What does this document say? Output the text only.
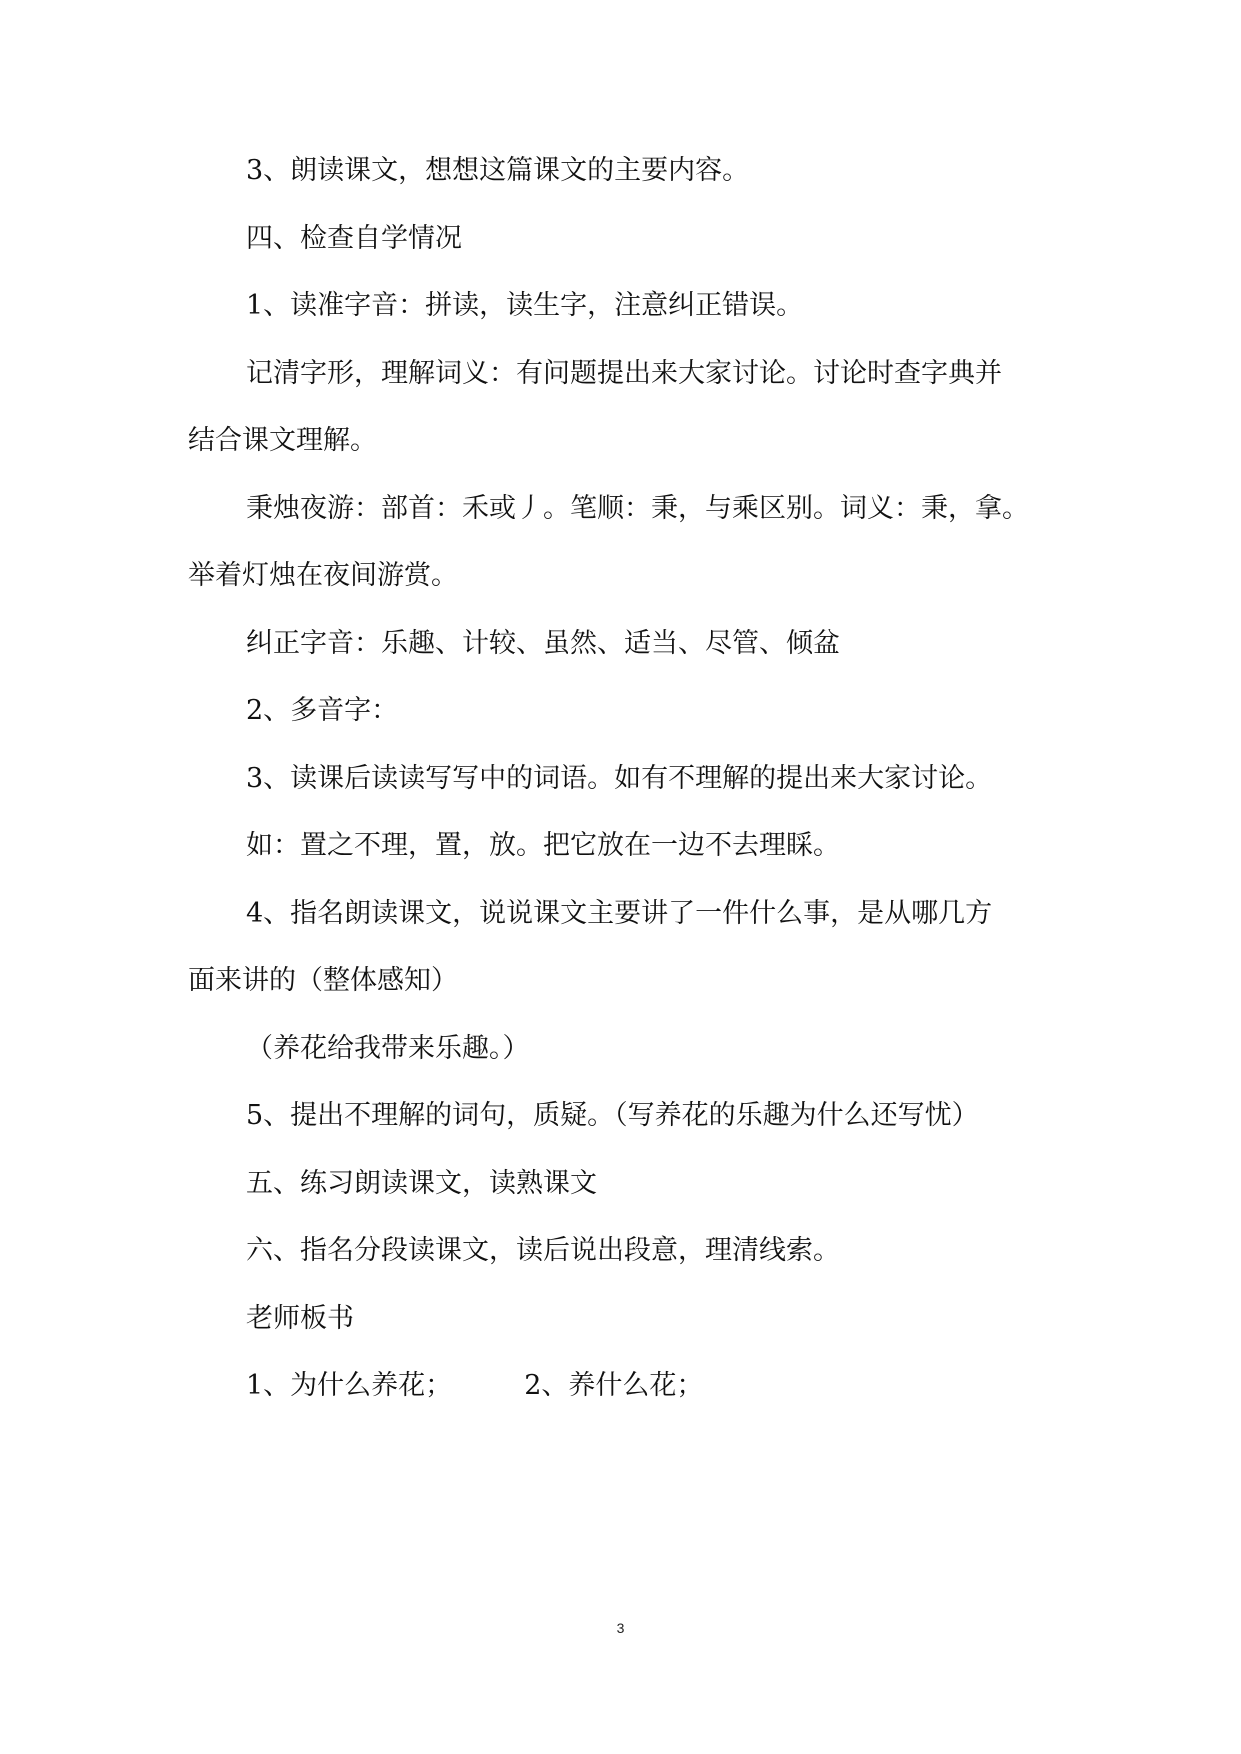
3、朗读课文，想想这篇课文的主要内容。
四、检查自学情况
1、读准字音：拼读，读生字，注意纠正错误。
记清字形，理解词义：有问题提出来大家讨论。讨论时查字典并
结合课文理解。
秉烛夜游：部首：禾或丿。笔顺：秉，与乘区别。词义：秉，拿。
举着灯烛在夜间游赏。
纠正字音：乐趣、计较、虽然、适当、尽管、倾盆
2、多音字：
3、读课后读读写写中的词语。如有不理解的提出来大家讨论。
如：置之不理，置，放。把它放在一边不去理睬。
4、指名朗读课文，说说课文主要讲了一件什么事，是从哪几方
面来讲的（整体感知）
（养花给我带来乐趣。）
5、提出不理解的词句，质疑。（写养花的乐趣为什么还写忧）
五、练习朗读课文，读熟课文
六、指名分段读课文，读后说出段意，理清线索。
老师板书
1、为什么养花；	2、养什么花；
3
